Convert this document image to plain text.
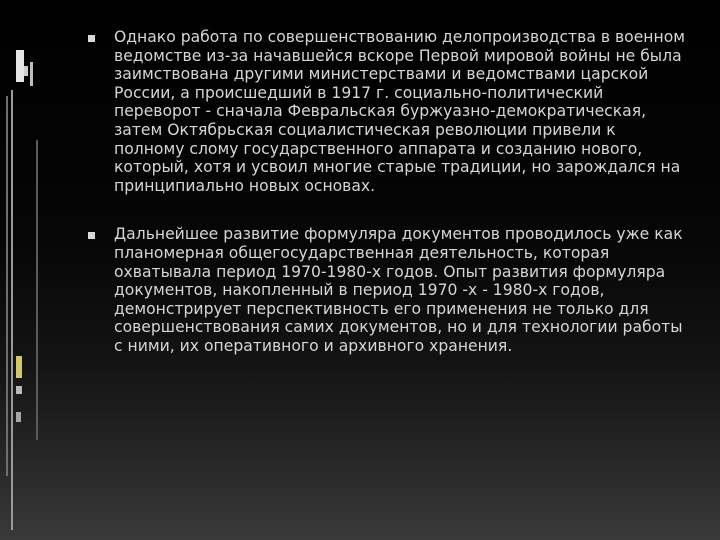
Однако работа по совершенствованию делопроизводства в военном ведомстве из-за начавшейся вскоре Первой мировой войны не была заимствована другими министерствами и ведомствами царской России, а происшедший в 1917 г. социально-политический переворот - сначала Февральская буржуазно-демократическая, затем Октябрьская социалистическая революции привели к полному слому государственного аппарата и созданию нового, который, хотя и усвоил многие старые традиции, но зарождался на принципиально новых основах.
Дальнейшее развитие формуляра документов проводилось уже как планомерная общегосударственная деятельность, которая охватывала период 1970-1980-х годов. Опыт развития формуляра документов, накопленный в период 1970 -х - 1980-х годов, демонстрирует перспективность его применения не только для совершенствования самих документов, но и для технологии работы с ними, их оперативного и архивного хранения.
